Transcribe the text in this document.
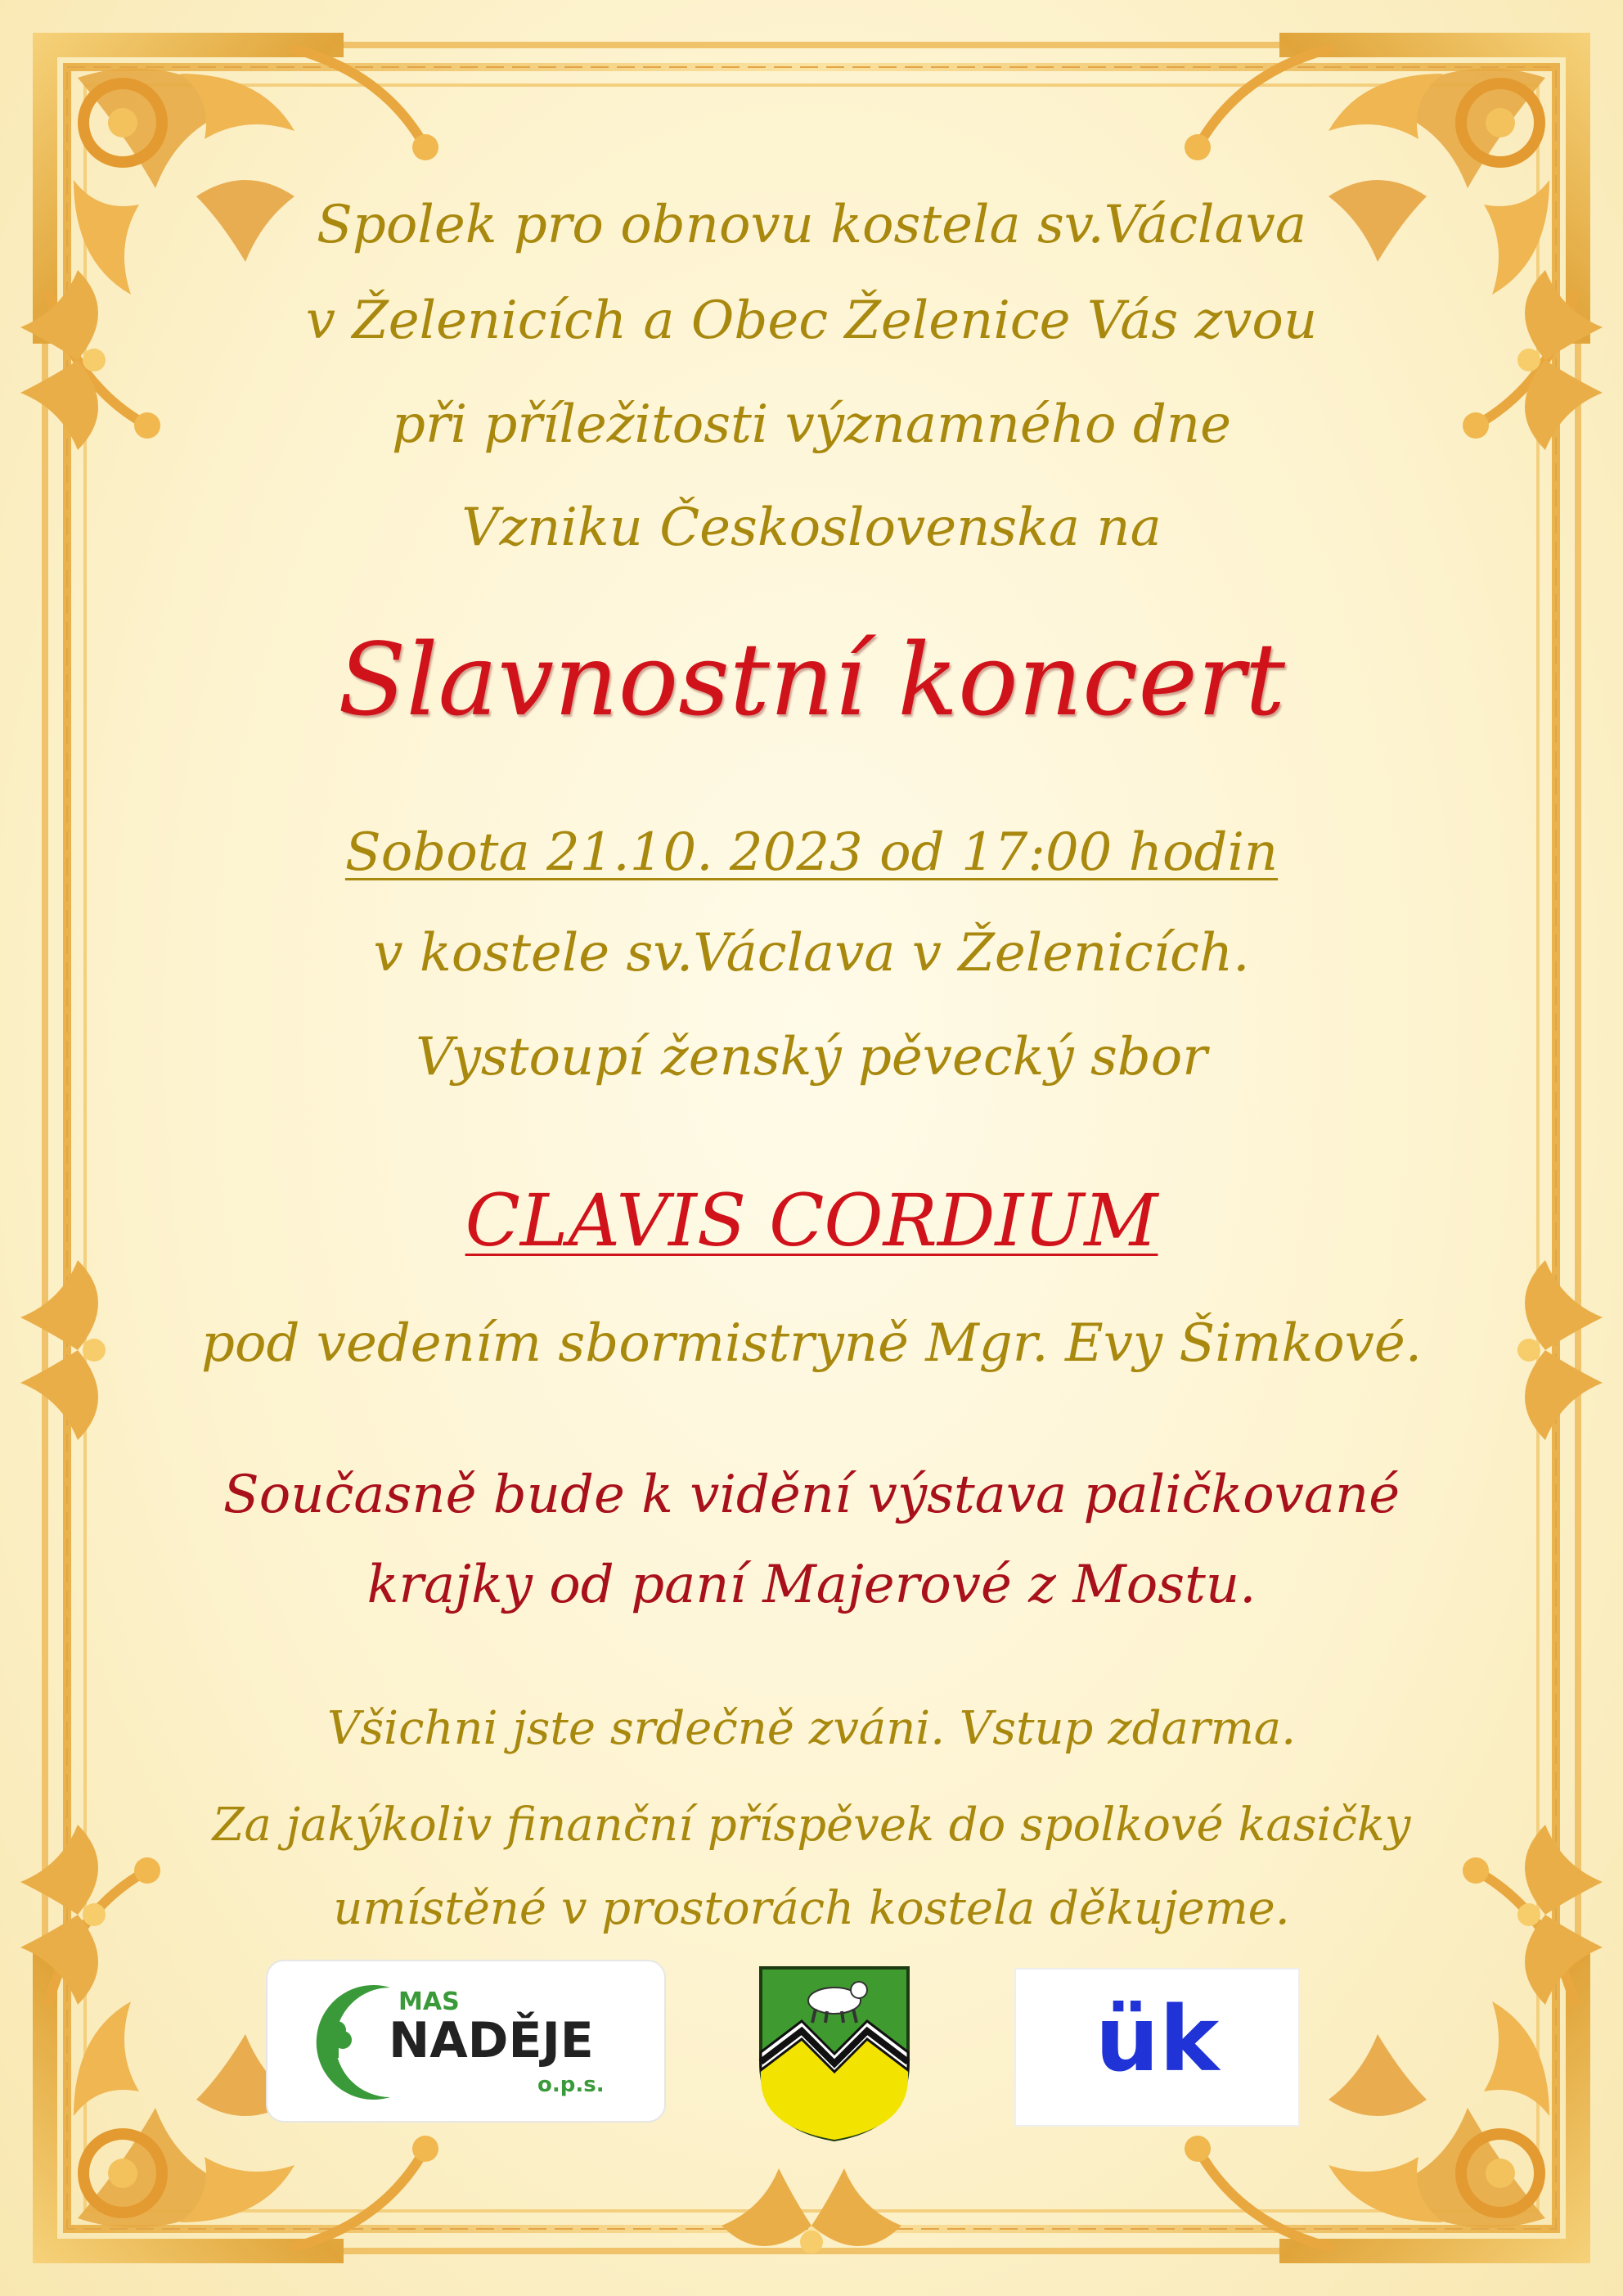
Spolek pro obnovu kostela sv.Václava
v Želenicích a Obec Želenice Vás zvou
při příležitosti významného dne
Vzniku Československa na
Slavnostní koncert
Sobota 21.10. 2023 od 17:00 hodin
v kostele sv.Václava v Želenicích.
Vystoupí ženský pěvecký sbor
CLAVIS CORDIUM
pod vedením sbormistryně Mgr. Evy Šimkové.
Současně bude k vidění výstava paličkované
krajky od paní Majerové z Mostu.
Všichni jste srdečně zváni. Vstup zdarma.
Za jakýkoliv finanční příspěvek do spolkové kasičky
umístěné v prostorách kostela děkujeme.
MAS
NADĚJE
o.p.s.	ük
